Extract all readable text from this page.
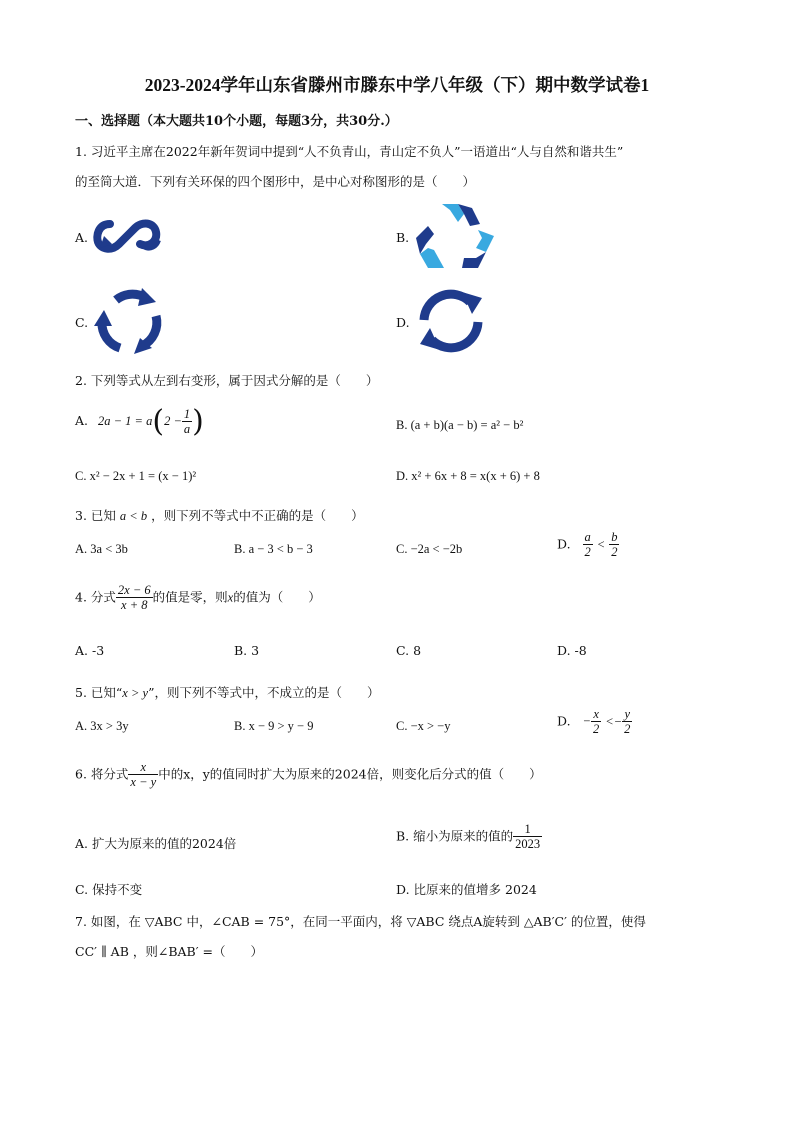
2023-2024学年山东省滕州市滕东中学八年级（下）期中数学试卷1
一、选择题（本大题共10个小题，每题3分，共30分.）
1. 习近平主席在2022年新年贺词中提到“人不负青山，青山定不负人”一语道出“人与自然和谐共生”
的至简大道．下列有关环保的四个图形中，是中心对称图形的是（　　）
A.	B.
C.	D.
2. 下列等式从左到右变形，属于因式分解的是（　　）
A. $2a - 1 = a(2 - \frac{1}{a}$ )	B. (a + b)(a − b) = a² − b²
C. x² − 2x + 1 = (x − 1)²	D. x² + 6x + 8 = x(x + 6) + 8
3. 已知 a < b ，则下列不等式中不正确的是（　　）
A. 3a < 3b	B. a − 3 < b − 3	C. −2a < −2b	D. $\frac{a}{2} < \frac{b}{2}$
4. 分式 $\frac{2x - 6}{x + 8}$ 的值是零，则x的值为（　　）
A. -3	B. 3	C. 8	D. -8
5. 已知“x > y”，则下列不等式中，不成立的是（　　）
A. 3x > 3y	B. x − 9 > y − 9	C. −x > −y	D. − $\frac{x}{2} <- \frac{y}{2}$
6. 将分式 $\frac{x}{x - y}$ 中的x，y的值同时扩大为原来的2024倍，则变化后分式的值（　　）
A. 扩大为原来的值的2024倍
B. 缩小为原来的值的 $\frac{1}{2023}$
C. 保持不变	D. 比原来的值增多 2024
7. 如图，在 ▽ABC 中，∠CAB = 75°，在同一平面内，将 ▽ABC 绕点A旋转到 △AB′C′ 的位置，使得
CC′ ∥ AB ，则∠BAB′ =（　　）
